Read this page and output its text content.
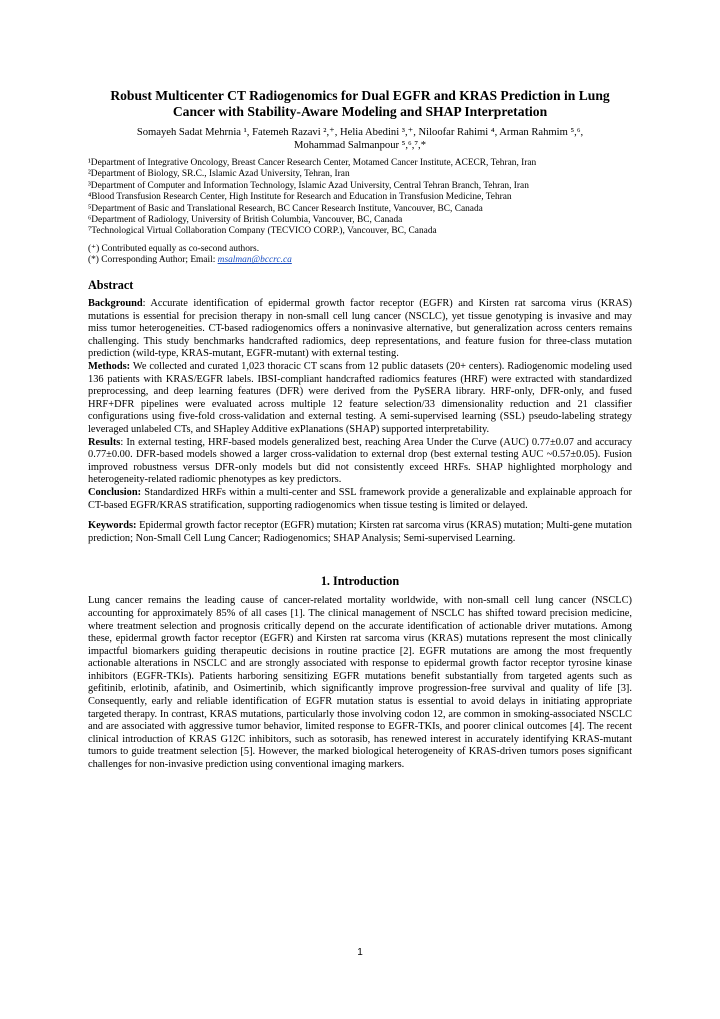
Robust Multicenter CT Radiogenomics for Dual EGFR and KRAS Prediction in Lung Cancer with Stability-Aware Modeling and SHAP Interpretation
Somayeh Sadat Mehrnia ¹, Fatemeh Razavi ²,⁺, Helia Abedini ³,⁺, Niloofar Rahimi ⁴, Arman Rahmim ⁵,⁶,
Mohammad Salmanpour ⁵,⁶,⁷,*
¹Department of Integrative Oncology, Breast Cancer Research Center, Motamed Cancer Institute, ACECR, Tehran, Iran
²Department of Biology, SR.C., Islamic Azad University, Tehran, Iran
³Department of Computer and Information Technology, Islamic Azad University, Central Tehran Branch, Tehran, Iran
⁴Blood Transfusion Research Center, High Institute for Research and Education in Transfusion Medicine, Tehran
⁵Department of Basic and Translational Research, BC Cancer Research Institute, Vancouver, BC, Canada
⁶Department of Radiology, University of British Columbia, Vancouver, BC, Canada
⁷Technological Virtual Collaboration Company (TECVICO CORP.), Vancouver, BC, Canada
(⁺) Contributed equally as co-second authors.
(*) Corresponding Author; Email: msalman@bccrc.ca
Abstract

Background: Accurate identification of epidermal growth factor receptor (EGFR) and Kirsten rat sarcoma virus (KRAS) mutations is essential for precision therapy in non-small cell lung cancer (NSCLC), yet tissue genotyping is invasive and may miss tumor heterogeneities. CT-based radiogenomics offers a noninvasive alternative, but generalization across centers remains challenging. This study benchmarks handcrafted radiomics, deep representations, and feature fusion for three-class mutation prediction (wild-type, KRAS-mutant, EGFR-mutant) with external testing.
Methods: We collected and curated 1,023 thoracic CT scans from 12 public datasets (20+ centers). Radiogenomic modeling used 136 patients with KRAS/EGFR labels. IBSI-compliant handcrafted radiomics features (HRF) were extracted with standardized preprocessing, and deep learning features (DFR) were derived from the PySERA library. HRF-only, DFR-only, and fused HRF+DFR pipelines were evaluated across multiple 12 feature selection/33 dimensionality reduction and 21 classifier configurations using five-fold cross-validation and external testing. A semi-supervised learning (SSL) pseudo-labeling strategy leveraged unlabeled CTs, and SHapley Additive exPlanations (SHAP) supported interpretability.
Results: In external testing, HRF-based models generalized best, reaching Area Under the Curve (AUC) 0.77±0.07 and accuracy 0.77±0.00. DFR-based models showed a larger cross-validation to external drop (best external testing AUC ~0.57±0.05). Fusion improved robustness versus DFR-only models but did not consistently exceed HRFs. SHAP highlighted morphology and heterogeneity-related radiomic phenotypes as key predictors.
Conclusion: Standardized HRFs within a multi-center and SSL framework provide a generalizable and explainable approach for CT-based EGFR/KRAS stratification, supporting radiogenomics when tissue testing is limited or delayed.

Keywords: Epidermal growth factor receptor (EGFR) mutation; Kirsten rat sarcoma virus (KRAS) mutation; Multi-gene mutation prediction; Non-Small Cell Lung Cancer; Radiogenomics; SHAP Analysis; Semi-supervised Learning.

1. Introduction

Lung cancer remains the leading cause of cancer-related mortality worldwide, with non-small cell lung cancer (NSCLC) accounting for approximately 85% of all cases [1]. The clinical management of NSCLC has shifted toward precision medicine, where treatment selection and prognosis critically depend on the accurate identification of actionable driver mutations. Among these, epidermal growth factor receptor (EGFR) and Kirsten rat sarcoma virus (KRAS) mutations represent the most clinically impactful biomarkers guiding therapeutic decisions in routine practice [2]. EGFR mutations are among the most frequently actionable alterations in NSCLC and are strongly associated with response to epidermal growth factor receptor tyrosine kinase inhibitors (EGFR-TKIs). Patients harboring sensitizing EGFR mutations benefit substantially from targeted agents such as gefitinib, erlotinib, afatinib, and Osimertinib, which significantly improve progression-free survival and quality of life [3]. Consequently, early and reliable identification of EGFR mutation status is essential to avoid delays in initiating appropriate targeted therapy. In contrast, KRAS mutations, particularly those involving codon 12, are common in smoking-associated NSCLC and are associated with aggressive tumor behavior, limited response to EGFR-TKIs, and poorer clinical outcomes [4]. The recent clinical introduction of KRAS G12C inhibitors, such as sotorasib, has renewed interest in accurately identifying KRAS-mutant tumors to guide treatment selection [5]. However, the marked biological heterogeneity of KRAS-driven tumors poses significant challenges for non-invasive prediction using conventional imaging markers.

1
